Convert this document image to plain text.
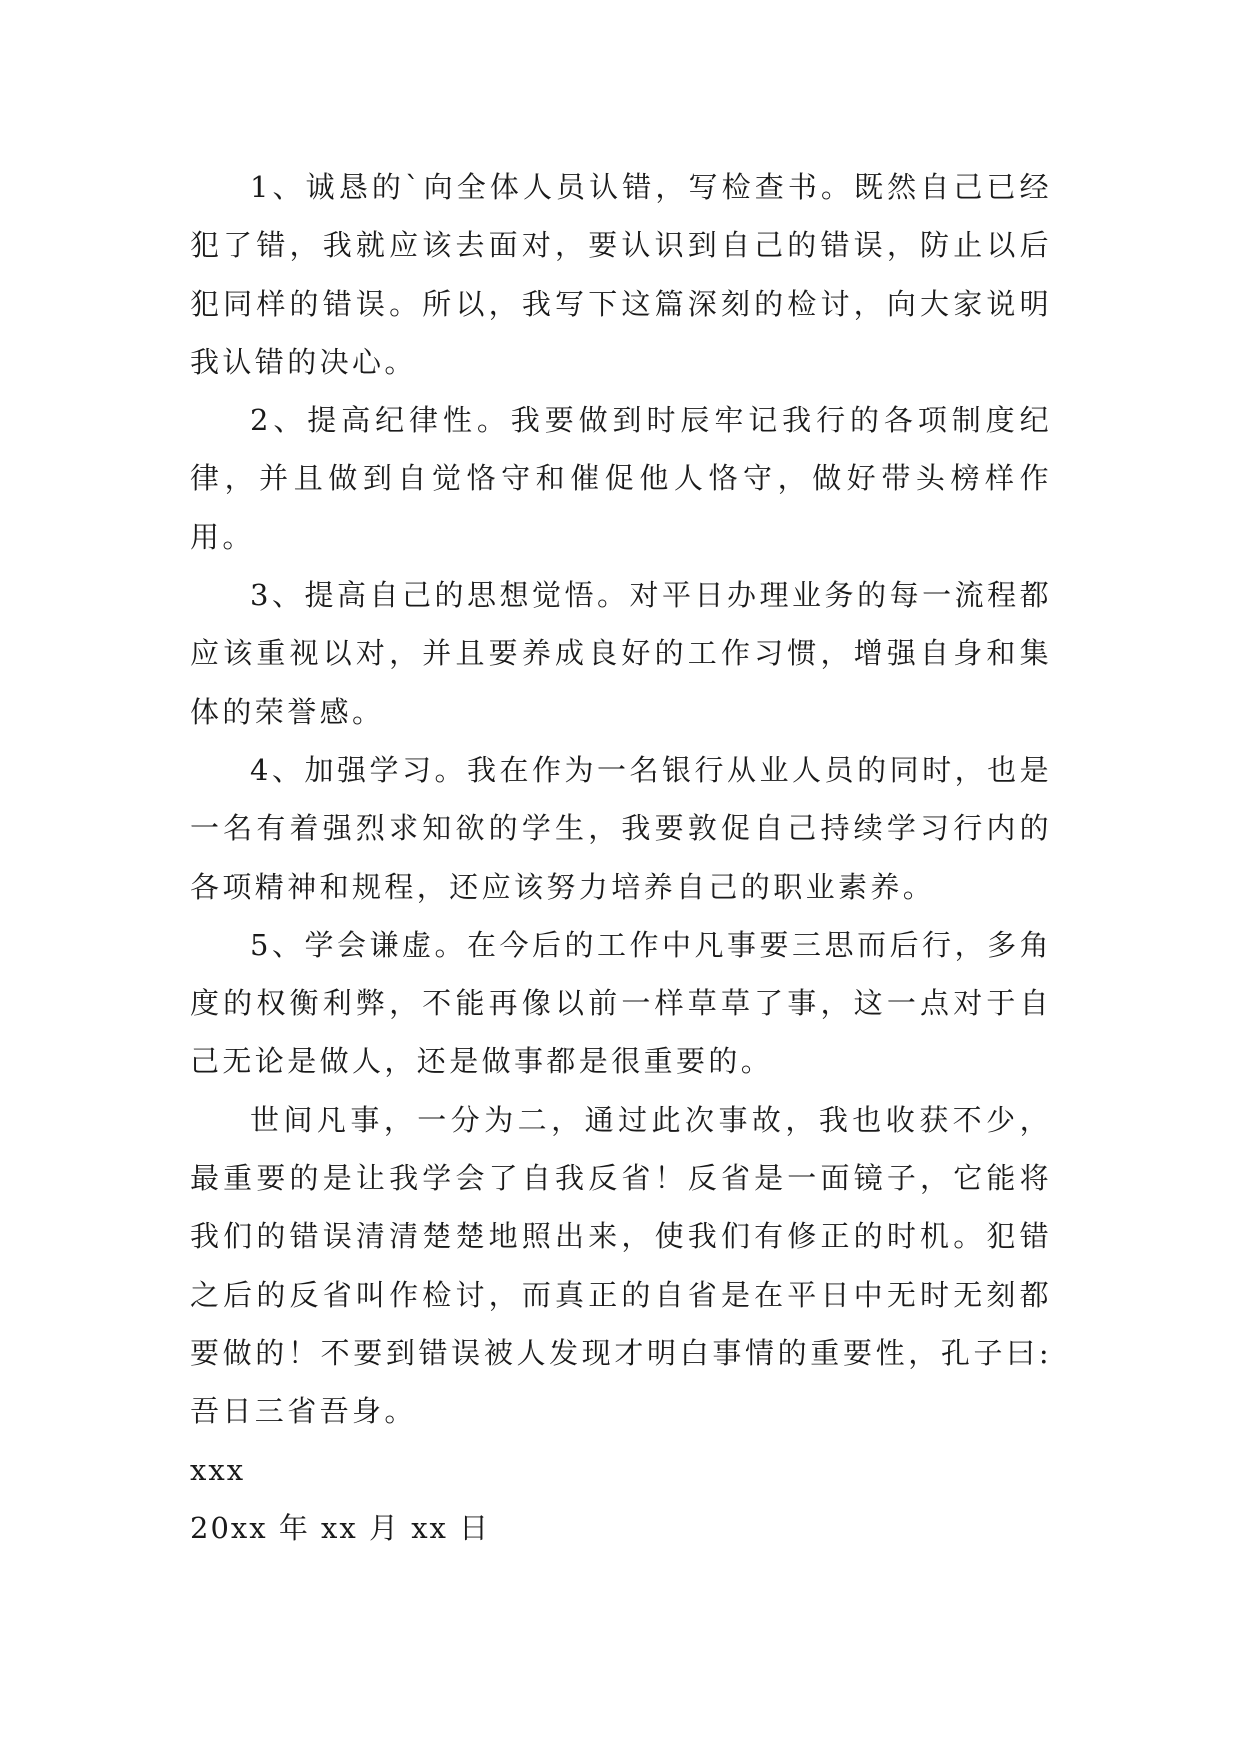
1、诚恳的`向全体人员认错，写检查书。既然自己已经犯了错，我就应该去面对，要认识到自己的错误，防止以后犯同样的错误。所以，我写下这篇深刻的检讨，向大家说明我认错的决心。

2、提高纪律性。我要做到时辰牢记我行的各项制度纪律，并且做到自觉恪守和催促他人恪守，做好带头榜样作用。

3、提高自己的思想觉悟。对平日办理业务的每一流程都应该重视以对，并且要养成良好的工作习惯，增强自身和集体的荣誉感。

4、加强学习。我在作为一名银行从业人员的同时，也是一名有着强烈求知欲的学生，我要敦促自己持续学习行内的各项精神和规程，还应该努力培养自己的职业素养。

5、学会谦虚。在今后的工作中凡事要三思而后行，多角度的权衡利弊，不能再像以前一样草草了事，这一点对于自己无论是做人，还是做事都是很重要的。

世间凡事，一分为二，通过此次事故，我也收获不少，最重要的是让我学会了自我反省！反省是一面镜子，它能将我们的错误清清楚楚地照出来，使我们有修正的时机。犯错之后的反省叫作检讨，而真正的自省是在平日中无时无刻都要做的！不要到错误被人发现才明白事情的重要性，孔子曰:吾日三省吾身。

xxx

20xx 年 xx 月 xx 日
